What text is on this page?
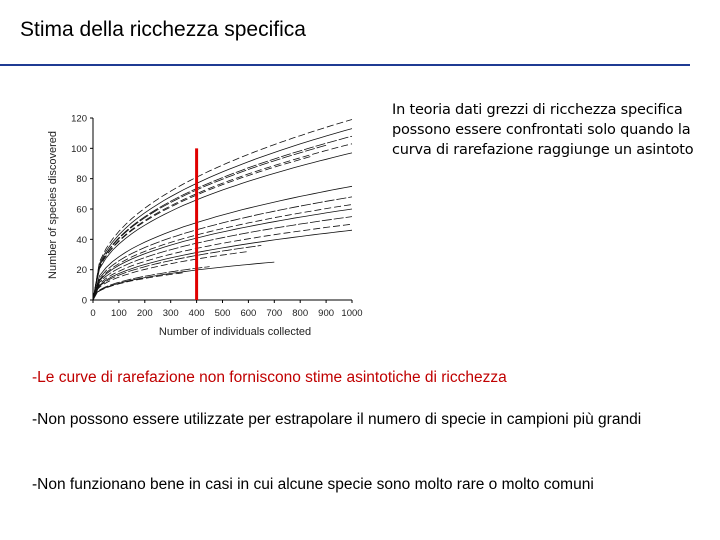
Stima della ricchezza specifica
0 100 200 300 400 500 600 700 800 900 1000
0
20
40
60
80
100
120
Number of individuals collected
Number of species discovered
In teoria dati grezzi di ricchezza specifica possono essere confrontati solo quando la curva di rarefazione raggiunge un asintoto
-Le curve di rarefazione non forniscono stime asintotiche di ricchezza
-Non possono essere utilizzate per estrapolare il numero di specie in campioni più grandi
-Non funzionano bene in casi in cui alcune specie sono molto rare o molto comuni
